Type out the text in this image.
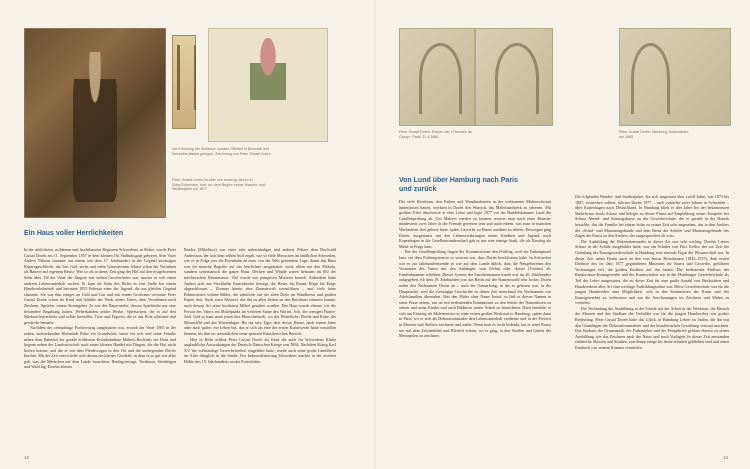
Vor Erfindung der Zeitlinsen wurden Offerten in Beweide und Schweins-blasen gelegert. Zeichnung von Peter Gustaf Dorén
Peter Gustaf Dorén im Alter von zwanzig Jahren in Edby/Schweden, kurz vor dem Beginn seiner Wander- und Studienjahre um 1877
Ein Haus voller Herrlichkeiten

In der ruhlichsten, mildesten und fruchtbarsten Regionen Schwedens, in Skåne, wurde Peter Gustaf Dorén am 11. September 1857 in dem kleinen Ort Stråhultsgarn geboren. Sein Vater Anders Nilsson stammte aus einem seit dem 17. Jahrhundert in der Gegend ansässigen Bauerngeschlecht, das hier fünf, sechs und mehr Generationen lebten schon die Vorfahren als Bauern auf eigenem Besitz. Wie so oft in dieser Zeit ging der Hof auf den erstgeborenen Sohn über. Da der Vater der Jüngste von sieben Geschwistern war, musste er sich einen anderen Lebensunterhalt suchen. Er kam als Sohn des Hofes in eine Stelle bei einem Handwerksbetrieb und heiratete 1855 Pehrnor einer der Jugend, die aus gleicher Gegend stammte. Sie war ihm einiges an Geld und Gut und mit einem Großvater vertraute Peter Gustaf Dorén schon als Kind und Schüler das Werk seines Vaters, dem Vernehmen nach Zeichner, Sprüche, einem Stromgebet. Er war der Bauernsohn, dessen Spieltriebe nur eine besondere Begabung hatten. Weberkunden seiner Werke, Spielsachen, die er auf den Märkten betrachtete und selber herstellte, Tiere und Figuren, die er aus Holz schnitzte und geschickt bemalte.

Nachdem der zehnjährige Pachtvertrag ausgelaufen war, erwarb der Vater 1865 in der nahen, aufstrebenden Kleinstadt Röke ein Grundstück, baute für sich und seine Familie neben dem Bahnhof der gerade eröffneten Eisenbahnlinie Malmö–Hochdals ein Haus und begann neben der Landwirtschaft auch einen kleinen Handel mit Dingen, die der Hof nicht liefern konnte, und die er mit dem Pferdewagen in den Ort und die umliegenden Dörfer brachte. Mit der Zeit entwickelte sich daraus ein kleines Geschäft, in dem es so gut wie alles gab, was die Menschen auf dem Lande brauchten: Heidegreetings, Tordmoor, Steinbögen und Wald lag. Doréns ältester

Bruder (Mikelfurs) war einer sehr unbeständiger und anderer Führer dem Dorfwald Andersson, der sich dem selben Stiff ergab, wie so viele Menschen im ländlichen Schweden, wie er in Folge wer die Eisenbahn zu einer von der Welt getrennten Lage, damit das Haus war für manche Begriffe auf das herrlichste ausgestattet, nicht allein mit den Möbeln, sondern systematisch die ganze Haus. Decken und Wände waren behauen im Stil der mittlereschen Renaissance. Viel wurde mit pompösen Motiven bemalt. Außerdem hatte Anders sich aus Stockholm Kunstdrucke besorgt, die Raum für Raum, Etage für Etage abgeschlossen – Zimmer hinein eine Zimmerwelt vorzuführen – und viele feine Pekinesiertes schöne Bilder, die sämtliche auf der alten Diele im Wandkreuz und großen Papier dort. Auch sonst Kleinod, das ihn zu allen Zeiten an den Reichtum erinnern konnte, nach dessen Art seine kostbaren Möbel gestaltet wurden. Das Haus wurde ebenso wie die Person des Vaters ein Mittelpunkt im weiteren Sinne des Wortes. Ach, die wenigen Fünfer-Seel. Und so kam unter jenen ihre Menschenwelt, wo das Wetterlicht, Pferde und Kühe, die Morastfeld und das Wurzenlager. Bis ins sein Tage, dass dieses Hause, nach einem Jahre oder auch später, ein Leben bot, das er sich als eine der ersten Kunstwerke hatte vorstellen können, bis ihm im wesentlichen seine späteren Künstlerischen Bereich.

Hier in Röke erlebte Peter Gustaf Dorén als Kind die auch für Schwedens Klima unglaubliche Auswirkungen der Deutsch-Dänischen Kriege von 1864. Nachdem König Karl XV. die vollständige Gewerbefreiheit eingeführt hatte, wurde auch seine große Landflucht im Alter dringlich in die Städte. Der Industrialisierung Schwedens machte in der zweiten Hälfte des 19. Jahrhunderts rasche Fortschritte.

12
Peter Gustaf Dorén, Ruinen der «Thermes de Cluny», Paris, 21.4.1880
Peter Gustaf Dorén, Hamburg, Außenalster, um 1885
Von Lund über Hamburg nach Paris
und zurück

Der viele Reichtum, den Farben und Wandmalereien in der verlassenen Malerwerkstatt hinterlassen hatten, weckten in Dorén den Wunsch, das Malerhandwerk zu erlernen. Mit großem Eifer absolvierte er eine Lehre und legte 1877 vor der Handelskammer Lund die Gesellenprüfung ab. Um Malerei werden zu können, musste man nach einer Branche mindestens zwei Jahre in der Fremde gewesen sein und nach einem, was man in manchen Werkstätten dort gelernt hatte, später Gewerbe zu Hause ausüben zu dürfen. Deswegen ging Dorén, ausgestattet mit den Lebenserfahrungen seiner Kindheit und Jugend, nach Kopenhagen in die Gesellenwanderschaft gab es nur eine einzige Stadt, die als Einstieg als Maler in Frage kam.

Bei der Gesellenprüfung fingen die Kommissionen den Prüfling, weil ein Farbenpinsel kurz vor dem Prüfungstermin so verarmt war, dass Dorén beschlossen habe. In Schweden war es zur Jahrhundertwende so wie auf dem Lande üblich, dass die Neugeborenen den Vornamen des Vaters mit den Anhängen -son (Sohn) oder -dotter (Tochter) als Familiennamen erhielten. Dieses System der Familiennamen wurde erst im 20. Jahrhundert aufgegeben. Ab dem 19. Jahrhundert war das Recht auf der Namenswahl sehr locker. Dorén nahm den Nachnamen Dorén an – nach der Gemarkung, in der er geboren war, in der Hauptsache, weil die zweitägige Geschichte zu dieser Zeit manchmal die Nachnamen von Adelsfamilien übernahm. Was den Maler ohne Name betraf, so ließ er diesen Namen in seine Pässe setzen, um sie mit bedeutenden Kenntnissen zu den Seiten der Namenlosen zu setzen und seine Kinder und auch Bildnisse seiner Arbeit zu bezeichnen. Dazu bemühte er sich um Einstieg als Malermeister in einer ersten großen Werkstatt in Hamburg, später dann in Paris, wo er sich als Dekorationsmaler den Lebensunterhalt verdiente und in der Freizeit in Museen und Ateliers zeichnete und malte. Wenn man es recht bedenkt, hat er seine Kunst nur mit dem Zeichenblatt und Bleistift erlernt, wo er ging, in den Straßen und Gärten der Metropolen zu zeichnen.

Die folgenden Wander- und Studienjahre, die sich insgesamt über zwölf Jahre, von 1875 bis 1887, erstrecken sollten, führten Dorén 1877 – nach zunächst zwei Jahren in Schweden – über Kopenhagen nach Deutschland. In Hamburg blieb er drei Jahre bei der bekanntesten Malerfirma Jacob Scharz und belegte an dieser Firma auf Empfehlung seiner Tempelei bei Scharz Abend- und Sonntagskurse an der Gewerbeschule, die er gerade in der Brands besuchte, das die Familie bei einem Sohn zu seiner Zeit sehr angesehen, das in den Ateliers der «Schul- und Museumsgebäude und dem Beruf der Schüler und Museumsgebäude des Zuges der Kunst zu den Ateliers, der ausgesprochen alt war».

Die Ausbildung der Dekorationsmaler in dieser Art war sehr wichtig. Doréns Lehrer Scharz in der Schule ausgebildet hatte, war ein Schüler von Fritz Keller, der zur Zeit der Gründung der Kunstgewerbeschule in Hamburg eine zentrale Figur der Wissenschaft war. In dieser Zeit nahm Dorén auch an den von Justus Brinckmann (1843–1915), dem ersten Direktor des im Jahr 1877 gegründeten Museums für Kunst und Gewerbe, geführten Vorlesungen teil, die großen Einfluss auf ihn hatten. Der bedeutende Einfluss der Renaissance-Kunstgewerbe und der Kunstschulen war in der Hamburger Gewerbeschule als Teil der Lehre ausgestattet, die zu dieser Zeit für eine große Anzahl von Werkstätten und Handwerkern aller Art eine wichtige Ausbildungsstätte war. Diese Gewerbeschule war für die jungen Handwerker eine Möglichkeit, sich in den Kenntnissen der Kunst und des Kunstgewerbes zu verbessern und um die Anschauungen im Zeichnen und Malen zu vertiefen.

Die Verbindung der Ausbildung in der Schule mit der Arbeit in der Werkstatt, der Besuch der Museen und das Studium der Vorbilder war für die jungen Handwerker von großer Bedeutung. Peter Gustaf Dorén hatte das Glück, in Hamburg Lehrer zu finden, die ihn mit den Grundlagen der Dekorationsmalerei und der künstlerischen Gestaltung vertraut machten. Das Studium der Ornamentik, der Farbenlehre und der Perspektive gehörte ebenso zu seiner Ausbildung wie das Zeichnen nach der Natur und nach Vorlagen. In dieser Zeit entstanden zahlreiche Skizzen und Studien, von denen einige bis heute erhalten geblieben sind und einen Eindruck von seinem Können vermitteln.

13
